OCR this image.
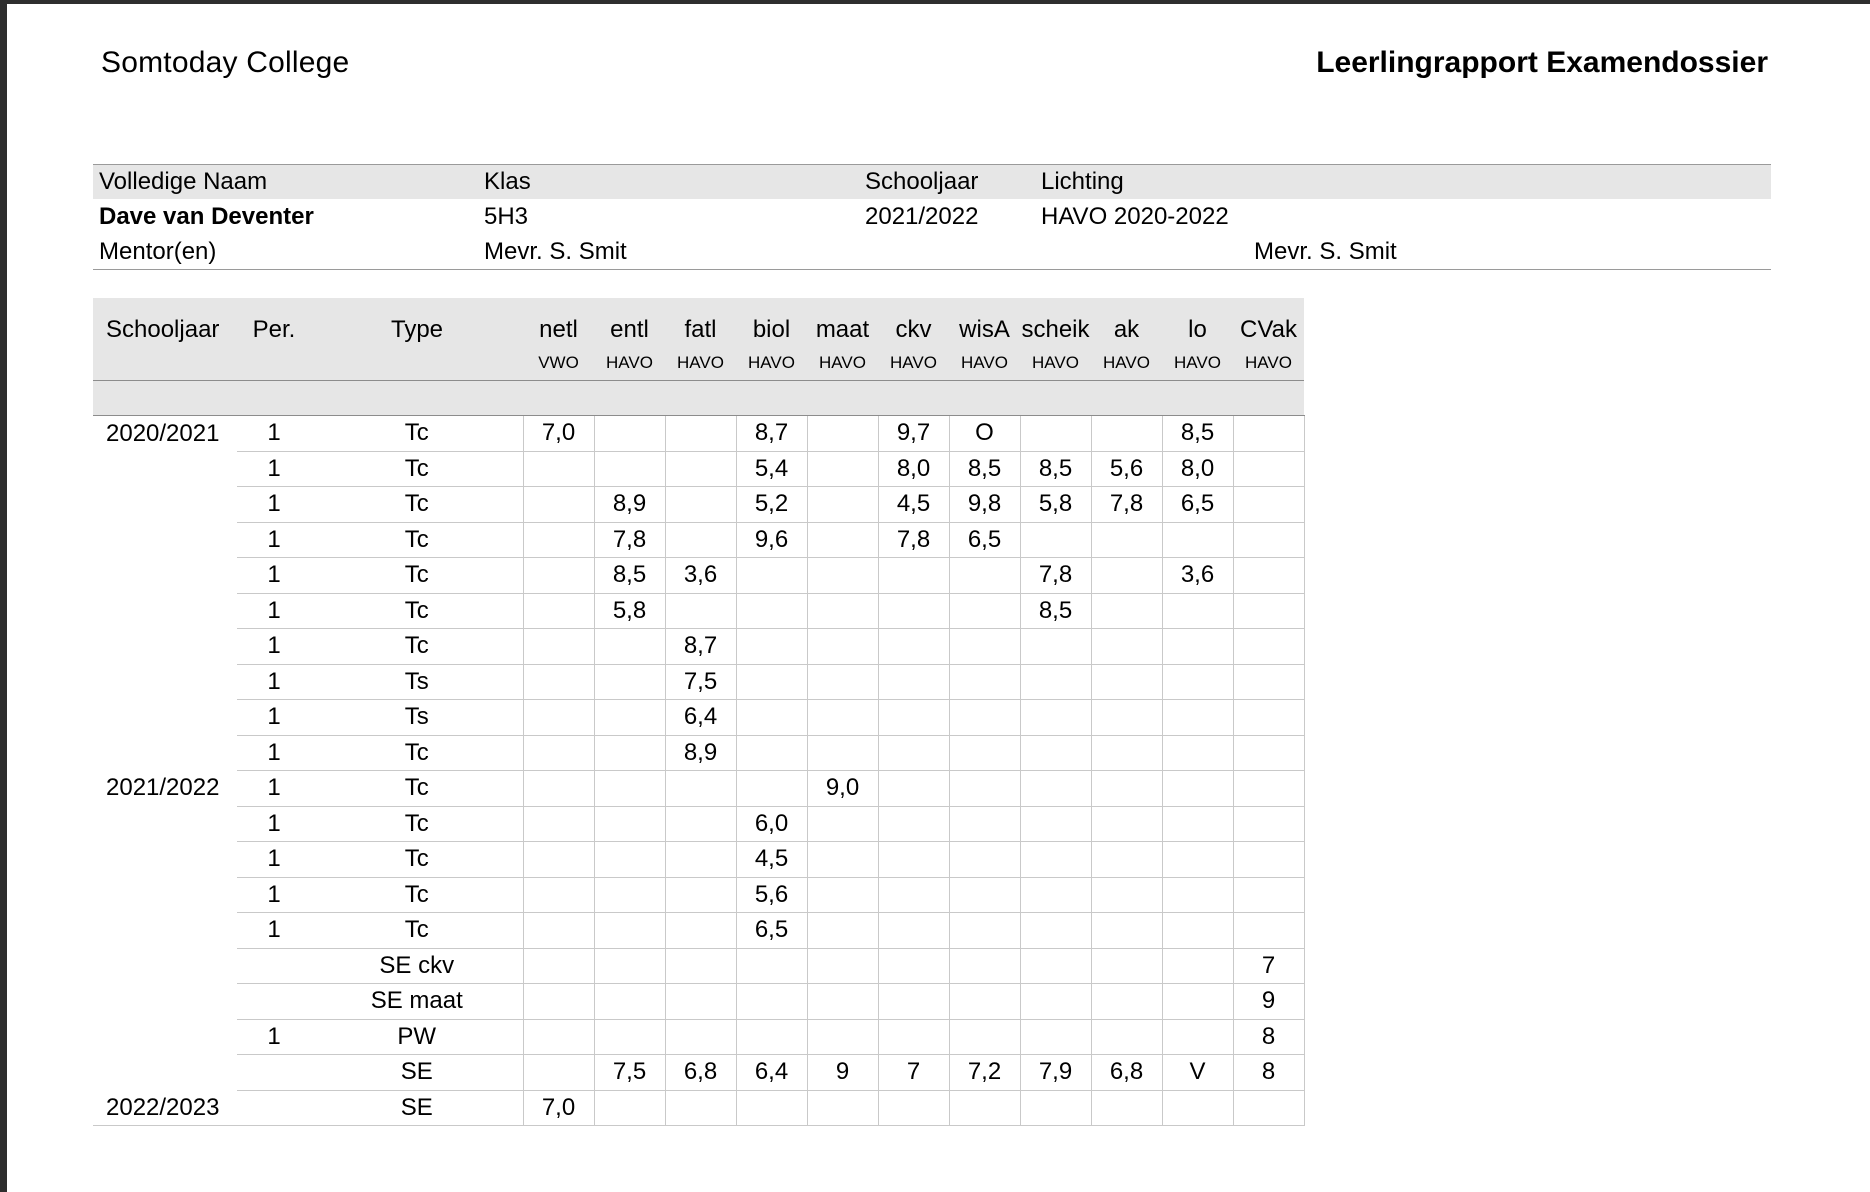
Somtoday College	Leerlingrapport Examendossier
Volledige Naam	Klas	Schooljaar	Lichting
Dave van Deventer	5H3	2021/2022	HAVO 2020-2022
Mentor(en)	Mevr. S. Smit	Mevr. S. Smit
Schooljaar	Per.	Type	netl	entl	fatl	biol	maat	ckv	wisA	scheik	ak	lo	CVak
			VWO	HAVO	HAVO	HAVO	HAVO	HAVO	HAVO	HAVO	HAVO	HAVO	HAVO

2020/2021	1	Tc	7,0			8,7		9,7	O			8,5	
	1	Tc				5,4		8,0	8,5	8,5	5,6	8,0	
	1	Tc		8,9		5,2		4,5	9,8	5,8	7,8	6,5	
	1	Tc		7,8		9,6		7,8	6,5				
	1	Tc		8,5	3,6					7,8		3,6	
	1	Tc		5,8						8,5			
	1	Tc			8,7								
	1	Ts			7,5								
	1	Ts			6,4								
	1	Tc			8,9								
2021/2022	1	Tc					9,0						
	1	Tc				6,0							
	1	Tc				4,5							
	1	Tc				5,6							
	1	Tc				6,5							
		SE ckv											7
		SE maat											9
	1	PW											8
		SE		7,5	6,8	6,4	9	7	7,2	7,9	6,8	V	8
2022/2023		SE	7,0										
